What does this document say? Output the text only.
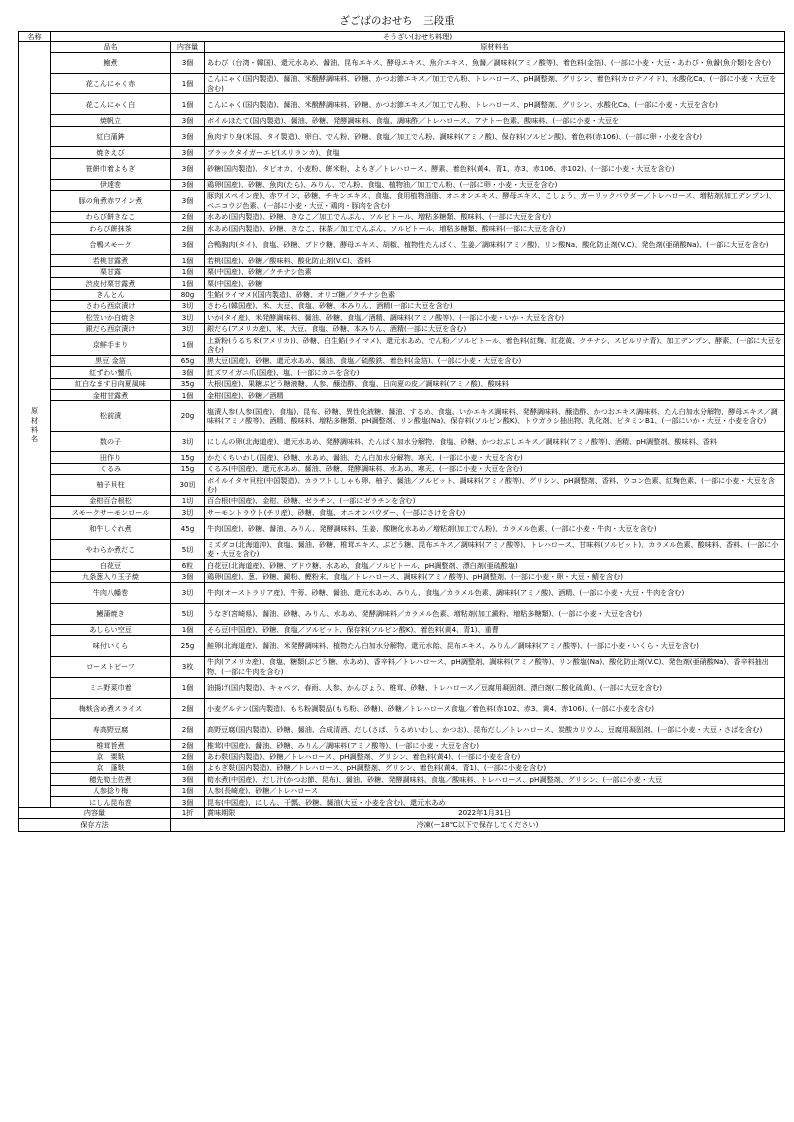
ざごばのおせち　三段重
名称	そうざい(おせち料理)		

原
材
料
名	品名	内容量	原材料名
	鮑煮	3個	あわび（台湾・韓国)、還元水あめ、醤油、昆布エキス、酵母エキス、魚介エキス、魚醤／調味料(アミノ酸等)、着色料(金箔)、(一部に小麦・大豆・あわび・魚醤(魚介類)を含む)
	花こんにゃく赤	1個	こんにゃく(国内製造)、醤油、米醗酵調味料、砂糖、かつお節エキス／加工でん粉、トレハロース、pH調整剤、グリシン、着色料(カロテノイド)、水酸化Ca、(一部に小麦・大豆を含む)
	花こんにゃく白	1個	こんにゃく(国内製造)、醤油、米醗酵調味料、砂糖、かつお節エキス／加工でん粉、トレハロース、pH調整剤、グリシン、水酸化Ca、(一部に小麦・大豆を含む)
	焼帆立	3個	ボイルほたて(国内製造)、醤油、砂糖、発酵調味料、食塩、調味酢／トレハロース、アナトー色素、酸味料、(一部に小麦・大豆を
	紅白蒲鉾	3個	魚肉すり身(米国、タイ製造)、卵白、でん粉、砂糖、食塩／加工でん粉、調味料(アミノ酸)、保存料(ソルビン酸)、着色料(赤106)、(一部に卵・小麦を含む)
	焼きえび	3個	ブラックタイガーエビ(スリランカ)、食塩
	笹餅巾着よもぎ	3個	砂糖(国内製造)、タピオカ、小麦粉、餅米粉、よもぎ／トレハロース、酵素、着色料(黄4、青1、赤3、赤106、赤102)、(一部に小麦・大豆を含む)
	伊達巻	3個	鶏卵(国産)、砂糖、魚肉(たら)、みりん、でん粉、食塩、植物油／加工でん粉、(一部に卵・小麦・大豆を含む)
	豚の角煮赤ワイン煮	3個	豚肉(スペイン産)、赤ワイン、砂糖、チキンエキス、食塩、食用植物油脂、オニオンエキス、酵母エキス、こしょう、ガーリックパウダー／トレハロース、増粘剤(加工デンプン)、ベニコウジ色素、(一部に小麦・大豆・鶏肉・豚肉を含む)
	わらび餅きなこ	2個	水あめ(国内製造)、砂糖、きなこ／加工でんぷん、ソルビトール、増粘多糖類、酸味料、(一部に大豆を含む)
	わらび餅抹茶	2個	水あめ(国内製造)、砂糖、きなこ、抹茶／加工でんぷん、ソルビトール、増粘多糖類、酸味料(一部に大豆を含む)
	合鴨スモーク	3個	合鴨胸肉(タイ)、食塩、砂糖、ブドウ糖、酵母エキス、胡椒、植物性たんぱく、生姜／調味料(アミノ酸)、リン酸Na、酸化防止剤(V.C)、発色剤(亜硝酸Na)、(一部に大豆を含む)
	若桃甘露煮	1個	若桃(国産)、砂糖／酸味料、酸化防止剤(V.C)、香料
	栗甘露	1個	栗(中国産)、砂糖／クチナシ色素
	渋皮付栗甘露煮	1個	栗(中国産)、砂糖
	きんとん	80g	生餡(ライマメ)(国内製造)、砂糖、オリゴ糖／クチナシ色素
	さわら西京漬け	3切	さわら(韓国産)、米、大豆、食塩、砂糖、本みりん、酒精(一部に大豆を含む)
	松笠いか白焼き	3切	いか(タイ産)、米発酵調味料、醤油、砂糖、食塩／酒精、調味料(アミノ酸等)、(一部に小麦・いか・大豆を含む)
	銀だら西京漬け	3切	銀だら(アメリカ産)、米、大豆、食塩、砂糖、本みりん、酒精(一部に大豆を含む)
	京鮮手まり	1個	上新粉(うるち米(アメリカ))、砂糖、白生餡(ライマメ)、還元水あめ、でん粉／ソルビトール、着色料(紅麹、紅花黄、クチナシ、スピルリナ青)、加工デンプン、酵素、(一部に大豆を含む)
	黒豆 金箔	65g	黒大豆(国産)、砂糖、還元水あめ、醤油、食塩／硫酸鉄、着色料(金箔)、(一部に小麦・大豆を含む)
	紅ずわい蟹爪	3個	紅ズワイガニ爪(国産)、塩、(一部にカニを含む)
	紅白なます日向夏風味	35g	大根(国産)、果糖ぶどう糖液糖、人参、醸造酢、食塩、日向夏の皮／調味料(アミノ酸)、酸味料
	金柑甘露煮	1個	金柑(国産)、砂糖／酒精
	松前漬	20g	塩漬人参(人参(国産)、食塩)、昆布、砂糖、異性化液糖、醤油、するめ、食塩、いかエキス調味料、発酵調味料、醸造酢、かつおエキス調味料、たん白加水分解物、酵母エキス／調味料(アミノ酸等)、酒精、酸味料、増粘多糖類、pH調整剤、リン酸塩(Na)、保存料(ソルビン酸K)、トウガラシ抽出物、乳化剤、ビタミンB1、(一部にいか・大豆・小麦を含む)
	数の子	3切	にしんの卵(北海道産)、還元水あめ、発酵調味料、たんぱく加水分解物、食塩、砂糖、かつおぶしエキス／調味料(アミノ酸等)、酒精、pH調整剤、酸味料、香料
	田作り	15g	かたくちいわし(国産)、砂糖、水あめ、醤油、たん白加水分解物、寒天、(一部に小麦・大豆を含む)
	くるみ	15g	くるみ(中国産)、還元水あめ、醤油、砂糖、発酵調味料、水あめ、寒天、(一部に小麦・大豆を含む)
	柚子貝柱	30切	ボイルイタヤ貝柱(中国製造)、カラフトししゃも卵、柚子、醤油／ソルビット、調味料(アミノ酸等)、グリシン、pH調整剤、香料、ウコン色素、紅麹色素、(一部に小麦・大豆を含む)
	金柑百合根松	1切	百合根(中国産)、金柑、砂糖、ゼラチン、(一部にゼラチンを含む)
	スモークサーモンロール	3切	サーモントラウト(チリ産)、砂糖、食塩、オニオンパウダー、(一部にさけを含む)
	和牛しぐれ煮	45g	牛肉(国産)、砂糖、醤油、みりん、発酵調味料、生姜、酸糖化水あめ／増粘剤(加工でん粉)、カラメル色素、(一部に小麦・牛肉・大豆を含む)
	やわらか煮だこ	5切	ミズダコ(北海道沖)、食塩、醤油、砂糖、椎茸エキス、ぶどう糖、昆布エキス／調味料(アミノ酸等)、トレハロース、甘味料(ソルビット)、カラメル色素、酸味料、香料、(一部に小麦・大豆を含む)
	白花豆	6粒	白花豆(北海道産)、砂糖、ブドウ糖、水あめ、食塩／ソルビトール、pH調整剤、漂白剤(亜硫酸塩)
	九条葱入り玉子焼	3個	鶏卵(国産)、葱、砂糖、澱粉、鰹粉末、食塩／トレハロース、調味料(アミノ酸等)、pH調整剤、(一部に小麦・卵・大豆・鯖を含む)
	牛肉八幡巻	3切	牛肉(オーストラリア産)、牛蒡、砂糖、醤油、還元水あめ、みりん、食塩／カラメル色素、調味料(アミノ酸)、酒精、(一部に小麦・大豆・牛肉を含む)
	鰻蒲焼き	5切	うなぎ(宮崎県)、醤油、砂糖、みりん、水あめ、発酵調味料／カラメル色素、増粘剤(加工澱粉、増粘多糖類)、(一部に小麦・大豆を含む)
	あしらい空豆	1個	そら豆(中国産)、砂糖、食塩／ソルビット、保存料(ソルビン酸K)、着色料(黄4、青1)、重曹
	味付いくら	25g	鮭卵(北海道産)、醤油、米発酵調味料、植物たん白加水分解物、還元水飴、昆布エキス、みりん／調味料(アミノ酸等)、(一部に小麦・いくら・大豆を含む)
	ローストビーフ	3枚	牛肉(アメリカ産)、食塩、糖類(ぶどう糖、水あめ)、香辛料／トレハロース、pH調整剤、調味料(アミノ酸等)、リン酸塩(Na)、酸化防止剤(V.C)、発色剤(亜硝酸Na)、香辛料抽出物、(一部に牛肉を含む)
	ミニ野菜巾着	1個	油揚げ(国内製造)、キャベツ、春雨、人参、かんぴょう、椎茸、砂糖、トレハロース／豆腐用凝固剤、漂白剤(二酸化硫黄)、(一部に大豆を含む)
	梅麸含め煮スライス	2個	小麦グルテン(国内製造)、もち粉調製品(もち粉、砂糖)、砂糖／トレハロース食塩／着色料(赤102、赤3、黄4、赤106)、(一部に小麦を含む)
	寿高野豆腐	2個	高野豆腐(国内製造)、砂糖、醤油、合成清酒、だし(さば、うるめいわし、かつお)、昆布だし／トレハロース、炭酸カリウム、豆腐用凝固剤、(一部に小麦・大豆・さばを含む)
	椎茸旨煮	2個	椎茸(中国産)、醤油、砂糖、みりん／調味料(アミノ酸等)、(一部に小麦・大豆を含む)
	京　粟麩	2個	あわ麩(国内製造)、砂糖／トレハロース、pH調整剤、グリシン、着色料(黄4)、(一部に小麦を含む)
	京　蓬麩	1個	よもぎ麩(国内製造)、砂糖／トレハロース、pH調整剤、グリシン、着色料(黄4、青1)、(一部に小麦を含む)
	穂先筍土佐煮	3個	筍水煮(中国産)、だし汁(かつお節、昆布)、醤油、砂糖、発酵調味料、食塩／酸味料、トレハロース、pH調整剤、グリシン、(一部に小麦・大豆
	人参捻り梅	1個	人参(長崎産)、砂糖／トレハロース
	にしん昆布巻	3個	昆布(中国産)、にしん、干瓢、砂糖、醤油(大豆・小麦を含む)、還元水あめ
内容量		1折	賞味期限 2022年1月31日

保存方法		冷凍(ー18℃以下で保存してください)	
